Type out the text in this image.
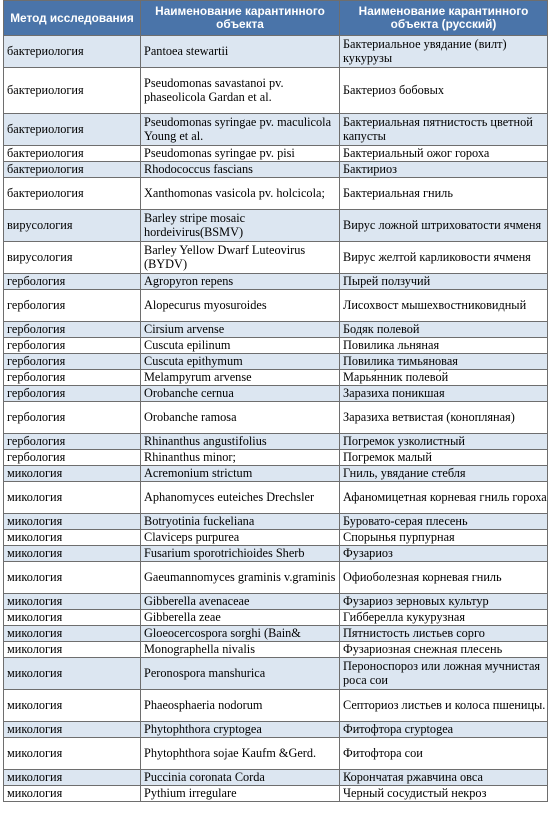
Метод исследования	Наименование карантинного объекта	Наименование карантинного объекта (русский)
бактериология	Pantoea stewartii	Бактериальное увядание (вилт) кукурузы
бактериология	Pseudomonas savastanoi pv. phaseolicola Gardan et al.	Бактериоз бобовых
бактериология	Pseudomonas syringae pv. maculicola Young et al.	Бактериальная пятнистость цветной капусты
бактериология	Pseudomonas syringae pv. pisi	Бактериальный ожог гороха
бактериология	Rhodococcus fascians	Бактириоз
бактериология	Xanthomonas vasicola pv. holcicola;	Бактериальная гниль
вирусология	Barley stripe mosaic hordeivirus(BSMV)	Вирус ложной штриховатости ячменя
вирусология	Barley Yellow Dwarf Luteovirus (BYDV)	Вирус желтой карликовости ячменя
гербология	Agropyron repens	Пырей ползучий
гербология	Alopecurus myosuroides	Лисохвост мышехвостниковидный
гербология	Cirsium arvense	Бодяк полевой
гербология	Cuscuta epilinum	Повилика льняная
гербология	Cuscuta epithymum	Повилика тимьяновая
гербология	Melampyrum arvense	Марья́нник полево́й
гербология	Orobanche cernua	Заразиха поникшая
гербология	Orobanche ramosa	Заразиха ветвистая (конопляная)
гербология	Rhinanthus angustifolius	Погремок узколистный
гербология	Rhinanthus minor;	Погремок малый
микология	Acremonium strictum	Гниль, увядание стебля
микология	Aphanomyces euteiches Drechsler	Афаномицетная корневая гниль гороха
микология	Botryotinia fuckeliana	Буровато-серая плесень
микология	Claviceps purpurea	Спорынья пурпурная
микология	Fusarium sporotrichioides Sherb	Фузариоз
микология	Gaeumannomyces graminis v.graminis	Офиоболезная корневая гниль
микология	Gibberella avenaceae	Фузариоз зерновых культур
микология	Gibberella zeae	Гибберелла кукурузная
микология	Gloeocercospora sorghi (Bain&	Пятнистость листьев сорго
микология	Monographella nivalis	Фузариозная снежная плесень
микология	Peronospora manshurica	Пероноспороз или ложная мучнистая роса сои
микология	Phaeosphaeria nodorum	Септориоз листьев и колоса пшеницы.
микология	Phytophthora cryptogea	Фитофтора cryptogea
микология	Phytophthora sojae Kaufm &Gerd.	Фитофтора сои
микология	Puccinia coronata Corda	Корончатая ржавчина овса
микология	Pythium irregulare	Черный сосудистый некроз
